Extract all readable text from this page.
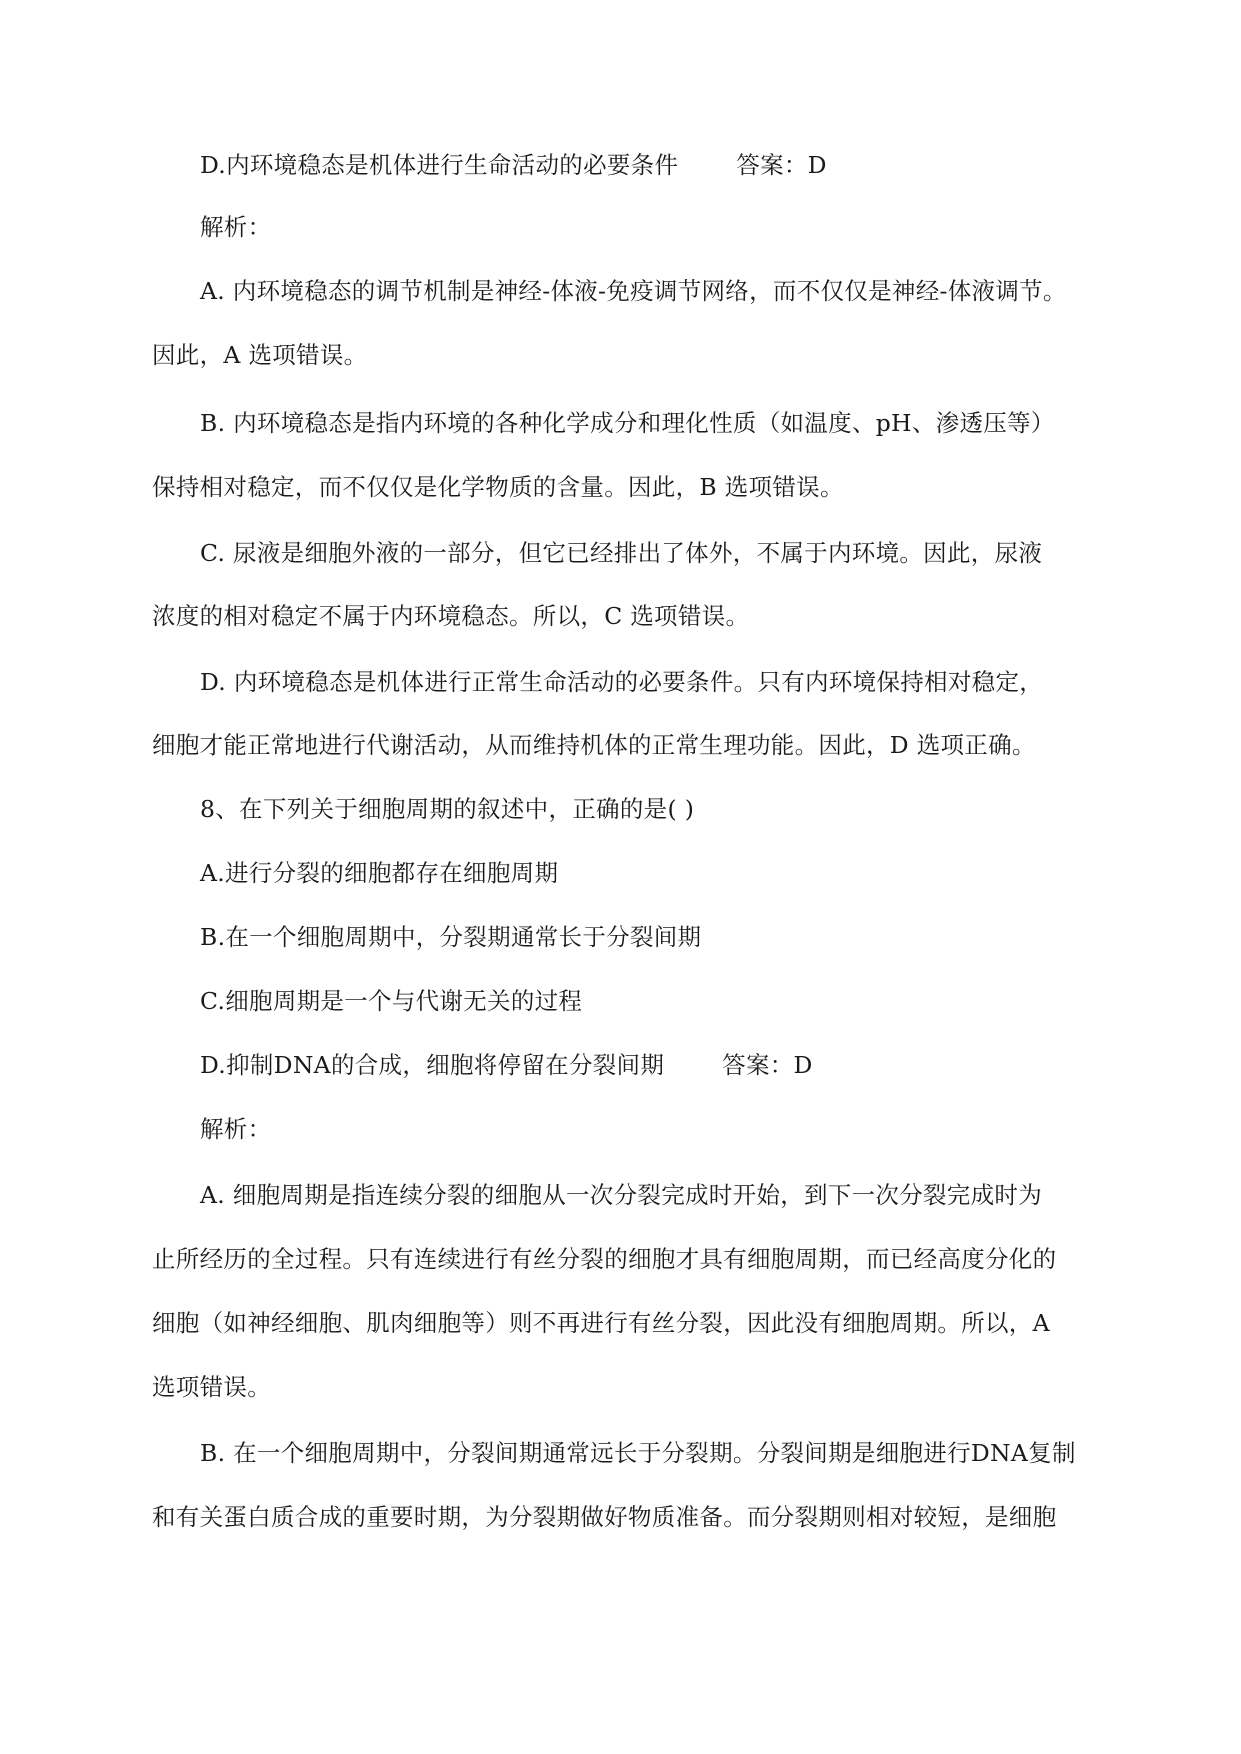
D.内环境稳态是机体进行生命活动的必要条件 答案：D
解析：
A. 内环境稳态的调节机制是神经-体液-免疫调节网络，而不仅仅是神经-体液调节。
因此，A 选项错误。
B. 内环境稳态是指内环境的各种化学成分和理化性质（如温度、pH、渗透压等）
保持相对稳定，而不仅仅是化学物质的含量。因此，B 选项错误。
C. 尿液是细胞外液的一部分，但它已经排出了体外，不属于内环境。因此，尿液
浓度的相对稳定不属于内环境稳态。所以，C 选项错误。
D. 内环境稳态是机体进行正常生命活动的必要条件。只有内环境保持相对稳定，
细胞才能正常地进行代谢活动，从而维持机体的正常生理功能。因此，D 选项正确。
8、在下列关于细胞周期的叙述中，正确的是( )
A.进行分裂的细胞都存在细胞周期
B.在一个细胞周期中，分裂期通常长于分裂间期
C.细胞周期是一个与代谢无关的过程
D.抑制DNA的合成，细胞将停留在分裂间期 答案：D
解析：
A. 细胞周期是指连续分裂的细胞从一次分裂完成时开始，到下一次分裂完成时为
止所经历的全过程。只有连续进行有丝分裂的细胞才具有细胞周期，而已经高度分化的
细胞（如神经细胞、肌肉细胞等）则不再进行有丝分裂，因此没有细胞周期。所以，A
选项错误。
B. 在一个细胞周期中，分裂间期通常远长于分裂期。分裂间期是细胞进行DNA复制
和有关蛋白质合成的重要时期，为分裂期做好物质准备。而分裂期则相对较短，是细胞
